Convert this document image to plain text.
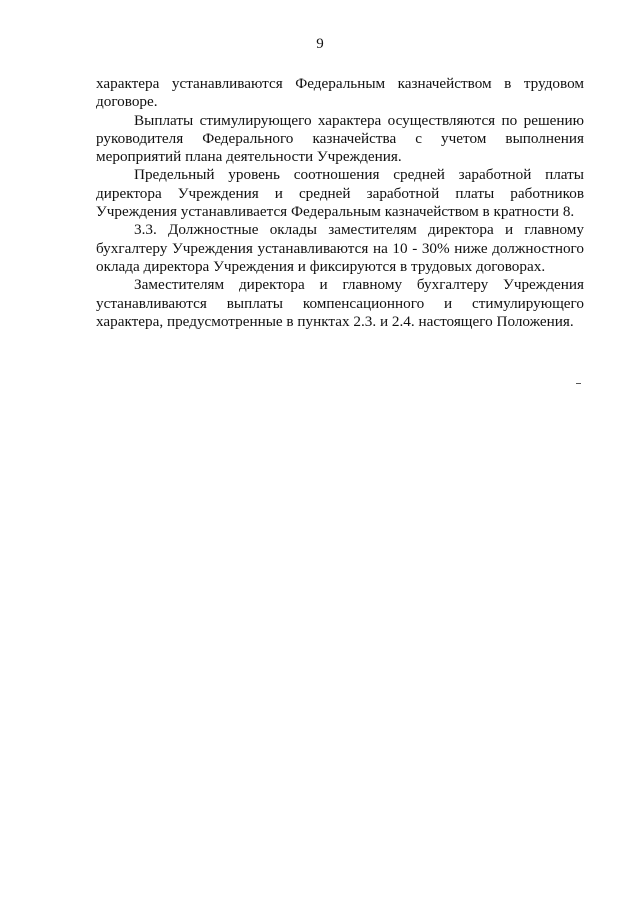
9

характера устанавливаются Федеральным казначейством в трудовом договоре.

Выплаты стимулирующего характера осуществляются по решению руководителя Федерального казначейства с учетом выполнения мероприятий плана деятельности Учреждения.

Предельный уровень соотношения средней заработной платы директора Учреждения и средней заработной платы работников Учреждения устанавливается Федеральным казначейством в кратности 8.

3.3. Должностные оклады заместителям директора и главному бухгалтеру Учреждения устанавливаются на 10 - 30% ниже должностного оклада директора Учреждения и фиксируются в трудовых договорах.

Заместителям директора и главному бухгалтеру Учреждения устанавливаются выплаты компенсационного и стимулирующего характера, предусмотренные в пунктах 2.3. и 2.4. настоящего Положения.
